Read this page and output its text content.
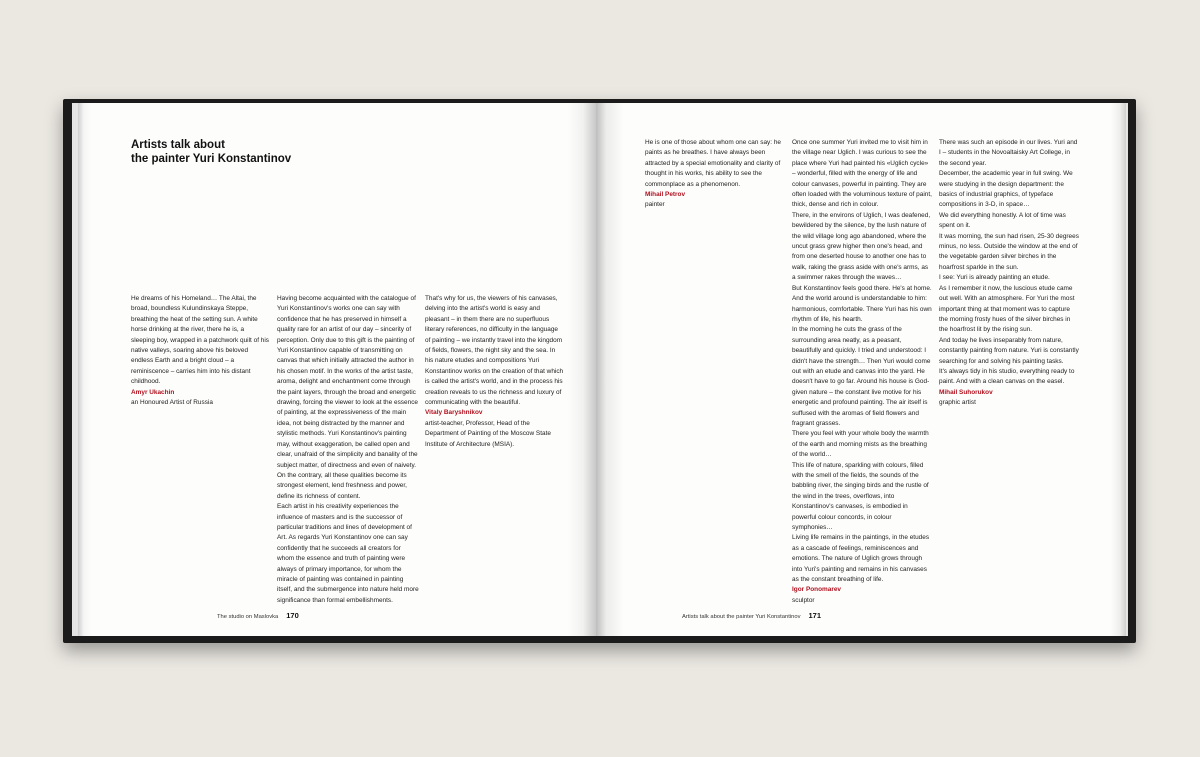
Artists talk about
the painter Yuri Konstantinov

He dreams of his Homeland… The Altai, the broad, boundless Kulundinskaya Steppe, breathing the heat of the setting sun. A white horse drinking at the river, there he is, a sleeping boy, wrapped in a patchwork quilt of his native valleys, soaring above his beloved endless Earth and a bright cloud – a reminiscence – carries him into his distant childhood.

Amyr Ukachin

an Honoured Artist of Russia

Having become acquainted with the catalogue of Yuri Konstantinov's works one can say with confidence that he has preserved in himself a quality rare for an artist of our day – sincerity of perception. Only due to this gift is the painting of Yuri Konstantinov capable of transmitting on canvas that which initially attracted the author in his chosen motif. In the works of the artist taste, aroma, delight and enchantment come through the paint layers, through the broad and energetic drawing, forcing the viewer to look at the essence of painting, at the expressiveness of the main idea, not being distracted by the manner and stylistic methods. Yuri Konstantinov's painting may, without exaggeration, be called open and clear, unafraid of the simplicity and banality of the subject matter, of directness and even of naivety. On the contrary, all these qualities become its strongest element, lend freshness and power, define its richness of content.

Each artist in his creativity experiences the influence of masters and is the successor of particular traditions and lines of development of Art. As regards Yuri Konstantinov one can say confidently that he succeeds all creators for whom the essence and truth of painting were always of primary importance, for whom the miracle of painting was contained in painting itself, and the submergence into nature held more significance than formal embellishments.

That's why for us, the viewers of his canvases, delving into the artist's world is easy and pleasant – in them there are no superfluous literary references, no difficulty in the language of painting – we instantly travel into the kingdom of fields, flowers, the night sky and the sea. In his nature etudes and compositions Yuri Konstantinov works on the creation of that which is called the artist's world, and in the process his creation reveals to us the richness and luxury of communicating with the beautiful.

Vitaly Baryshnikov

artist-teacher, Professor, Head of the Department of Painting of the Moscow State Institute of Architecture (MSIA).

He is one of those about whom one can say: he paints as he breathes. I have always been attracted by a special emotionality and clarity of thought in his works, his ability to see the commonplace as a phenomenon.

Mihail Petrov

painter

Once one summer Yuri invited me to visit him in the village near Uglich. I was curious to see the place where Yuri had painted his «Uglich cycle» – wonderful, filled with the energy of life and colour canvases, powerful in painting. They are often loaded with the voluminous texture of paint, thick, dense and rich in colour.

There, in the environs of Uglich, I was deafened, bewildered by the silence, by the lush nature of the wild village long ago abandoned, where the uncut grass grew higher then one's head, and from one deserted house to another one has to walk, raking the grass aside with one's arms, as a swimmer rakes through the waves…

But Konstantinov feels good there. He's at home. And the world around is understandable to him: harmonious, comfortable. There Yuri has his own rhythm of life, his hearth.

In the morning he cuts the grass of the surrounding area neatly, as a peasant, beautifully and quickly. I tried and understood: I didn't have the strength… Then Yuri would come out with an etude and canvas into the yard. He doesn't have to go far. Around his house is God-given nature – the constant live motive for his energetic and profound painting. The air itself is suffused with the aromas of field flowers and fragrant grasses.

There you feel with your whole body the warmth of the earth and morning mists as the breathing of the world…

This life of nature, sparkling with colours, filled with the smell of the fields, the sounds of the babbling river, the singing birds and the rustle of the wind in the trees, overflows, into Konstantinov's canvases, is embodied in powerful colour concords, in colour symphonies…

Living life remains in the paintings, in the etudes as a cascade of feelings, reminiscences and emotions. The nature of Uglich grows through into Yuri's painting and remains in his canvases as the constant breathing of life.

Igor Ponomarev

sculptor

There was such an episode in our lives. Yuri and I – students in the Novoaltaisky Art College, in the second year.

December, the academic year in full swing. We were studying in the design department: the basics of industrial graphics, of typeface compositions in 3-D, in space…

We did everything honestly. A lot of time was spent on it.

It was morning, the sun had risen, 25-30 degrees minus, no less. Outside the window at the end of the vegetable garden silver birches in the hoarfrost sparkle in the sun.

I see: Yuri is already painting an etude.

As I remember it now, the luscious etude came out well. With an atmosphere. For Yuri the most important thing at that moment was to capture the morning frosty hues of the silver birches in the hoarfrost lit by the rising sun.

And today he lives inseparably from nature, constantly painting from nature. Yuri is constantly searching for and solving his painting tasks.

It's always tidy in his studio, everything ready to paint. And with a clean canvas on the easel.

Mihail Suhorukov

graphic artist

The studio on Maslovka 170	Artists talk about the painter Yuri Konstantinov 171
